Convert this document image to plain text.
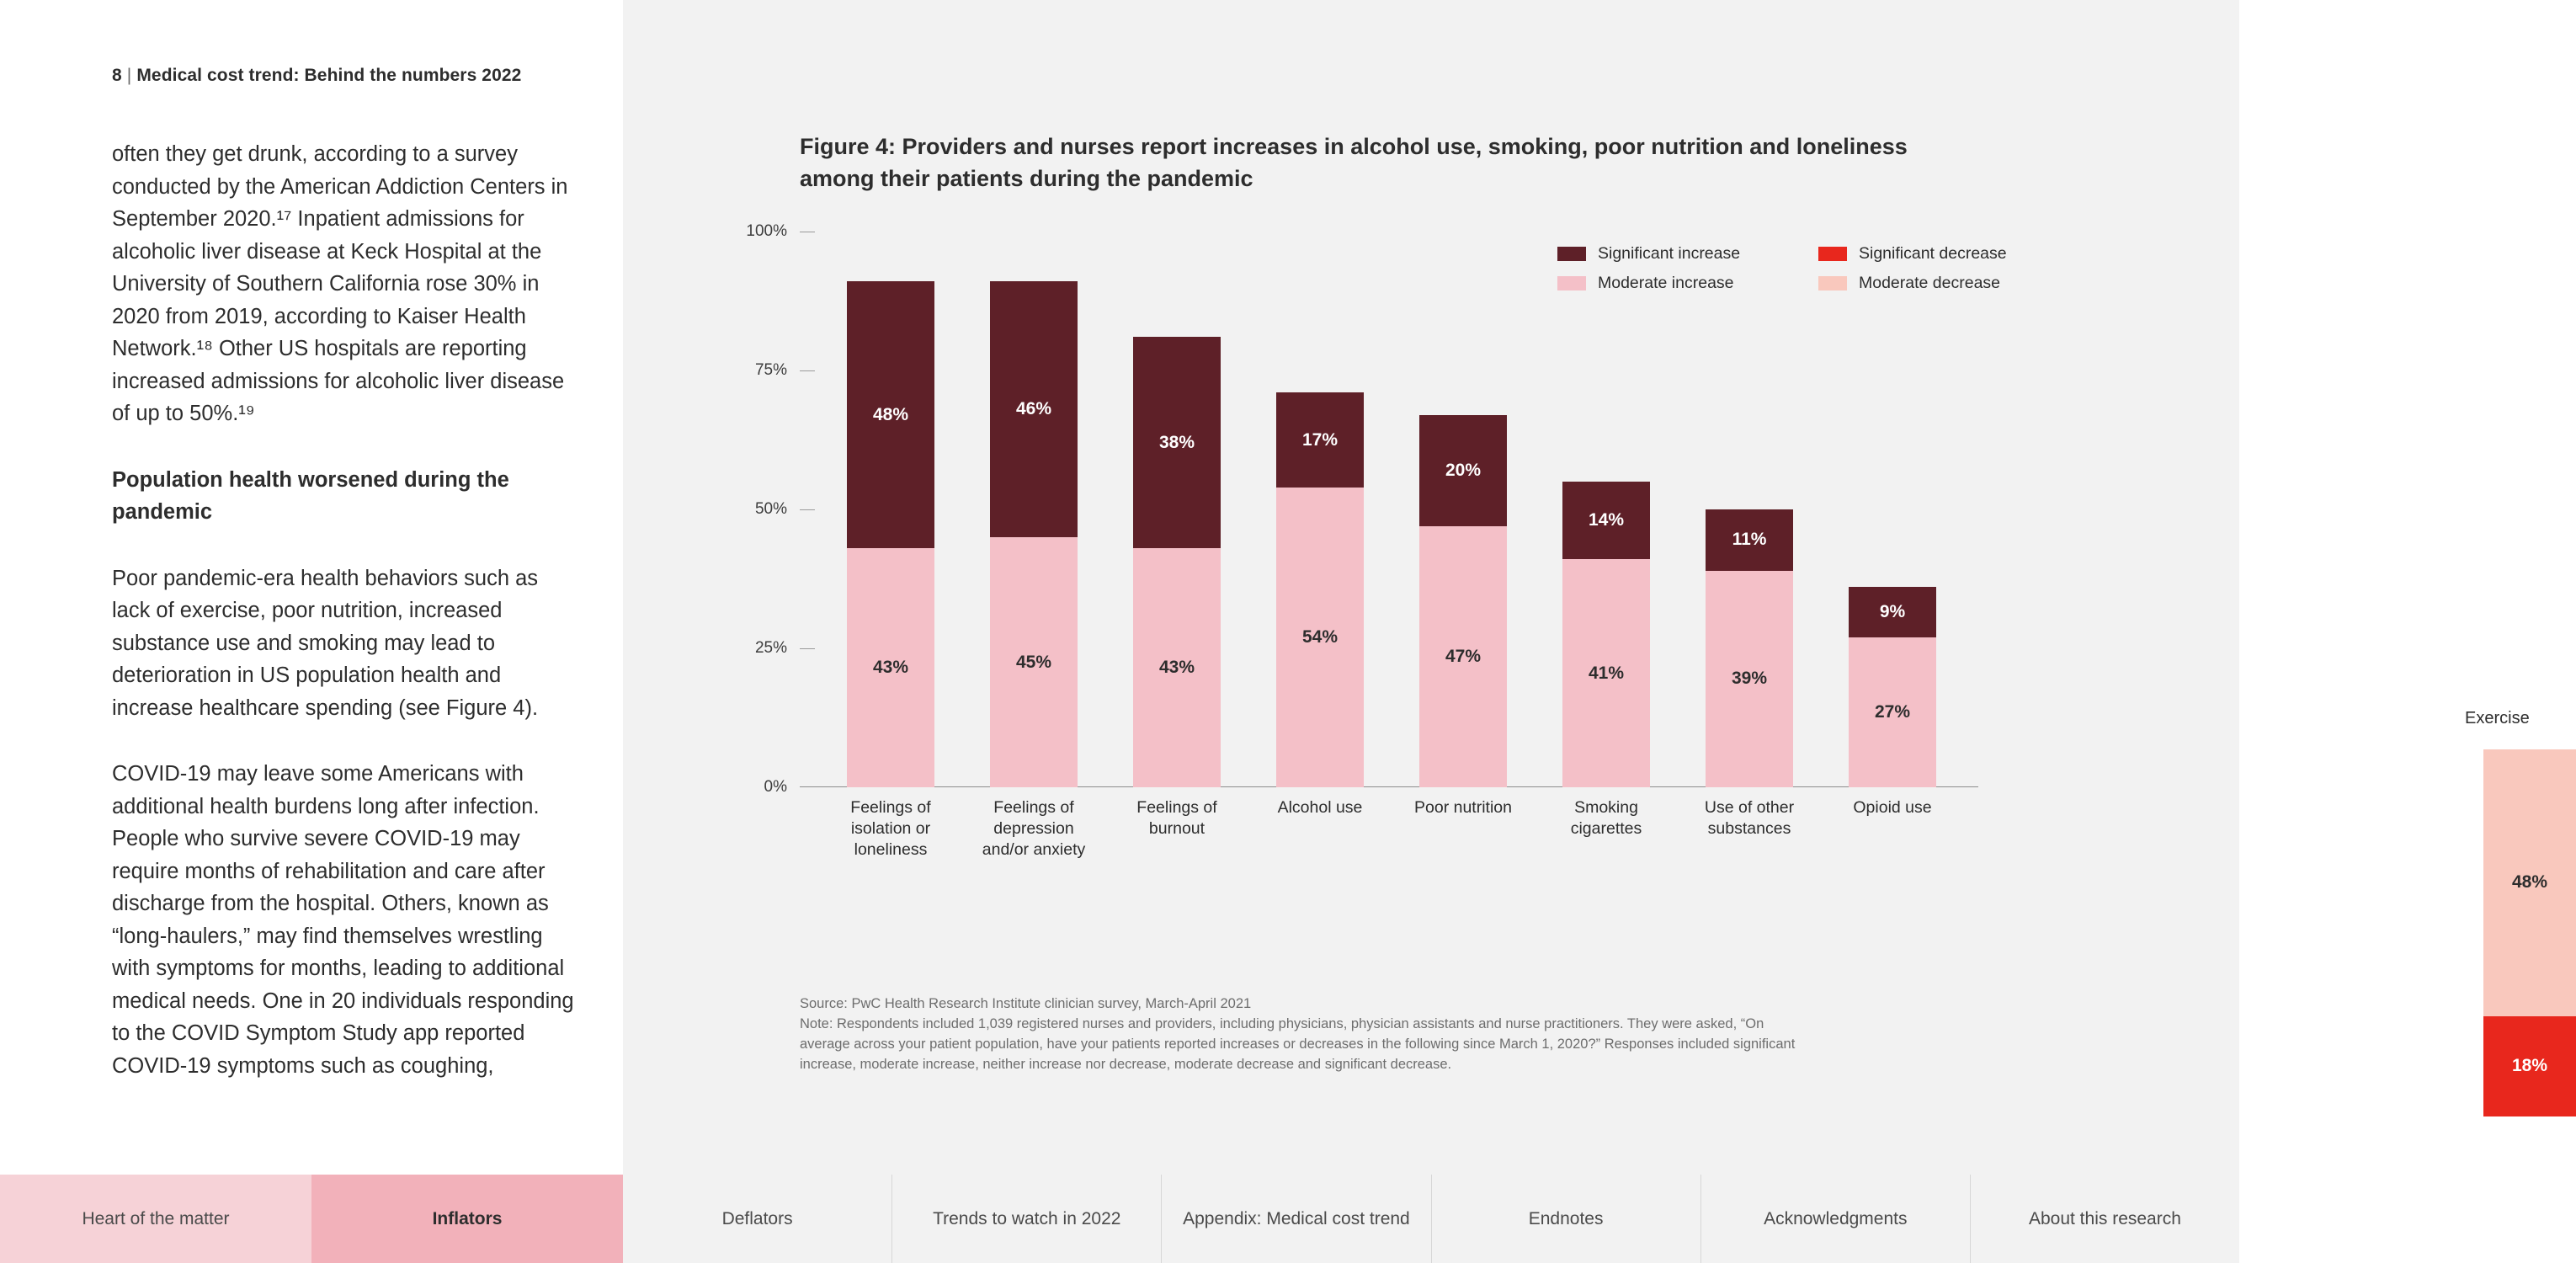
8 | Medical cost trend: Behind the numbers 2022

often they get drunk, according to a survey conducted by the American Addiction Centers in September 2020.¹⁷ Inpatient admissions for alcoholic liver disease at Keck Hospital at the University of Southern California rose 30% in 2020 from 2019, according to Kaiser Health Network.¹⁸ Other US hospitals are reporting increased admissions for alcoholic liver disease of up to 50%.¹⁹

Population health worsened during the pandemic

Poor pandemic-era health behaviors such as lack of exercise, poor nutrition, increased substance use and smoking may lead to deterioration in US population health and increase healthcare spending (see Figure 4).

COVID-19 may leave some Americans with additional health burdens long after infection. People who survive severe COVID-19 may require months of rehabilitation and care after discharge from the hospital. Others, known as “long-haulers,” may find themselves wrestling with symptoms for months, leading to additional medical needs. One in 20 individuals responding to the COVID Symptom Study app reported COVID-19 symptoms such as coughing,

Figure 4: Providers and nurses report increases in alcohol use, smoking, poor nutrition and loneliness among their patients during the pandemic
Significant increase	Significant decrease
Moderate increase	Moderate decrease
100%
75%
50%
25%
0%
43%
48%
45%
46%
43%
38%
54%
17%
47%
20%
41%
14%
39%
11%
27%
9%
Feelings of isolation or loneliness
Feelings of depression and/or anxiety
Feelings of burnout
Alcohol use	Poor nutrition	Smoking cigarettes
Use of other substances
Opioid use
Exercise
48%
18%
Source: PwC Health Research Institute clinician survey, March-April 2021
Note: Respondents included 1,039 registered nurses and providers, including physicians, physician assistants and nurse practitioners. They were asked, “On average across your patient population, have your patients reported increases or decreases in the following since March 1, 2020?” Responses included significant increase, moderate increase, neither increase nor decrease, moderate decrease and significant decrease.
Heart of the matter	Inflators	Deflators	Trends to watch in 2022	Appendix: Medical cost trend	Endnotes	Acknowledgments	About this research
